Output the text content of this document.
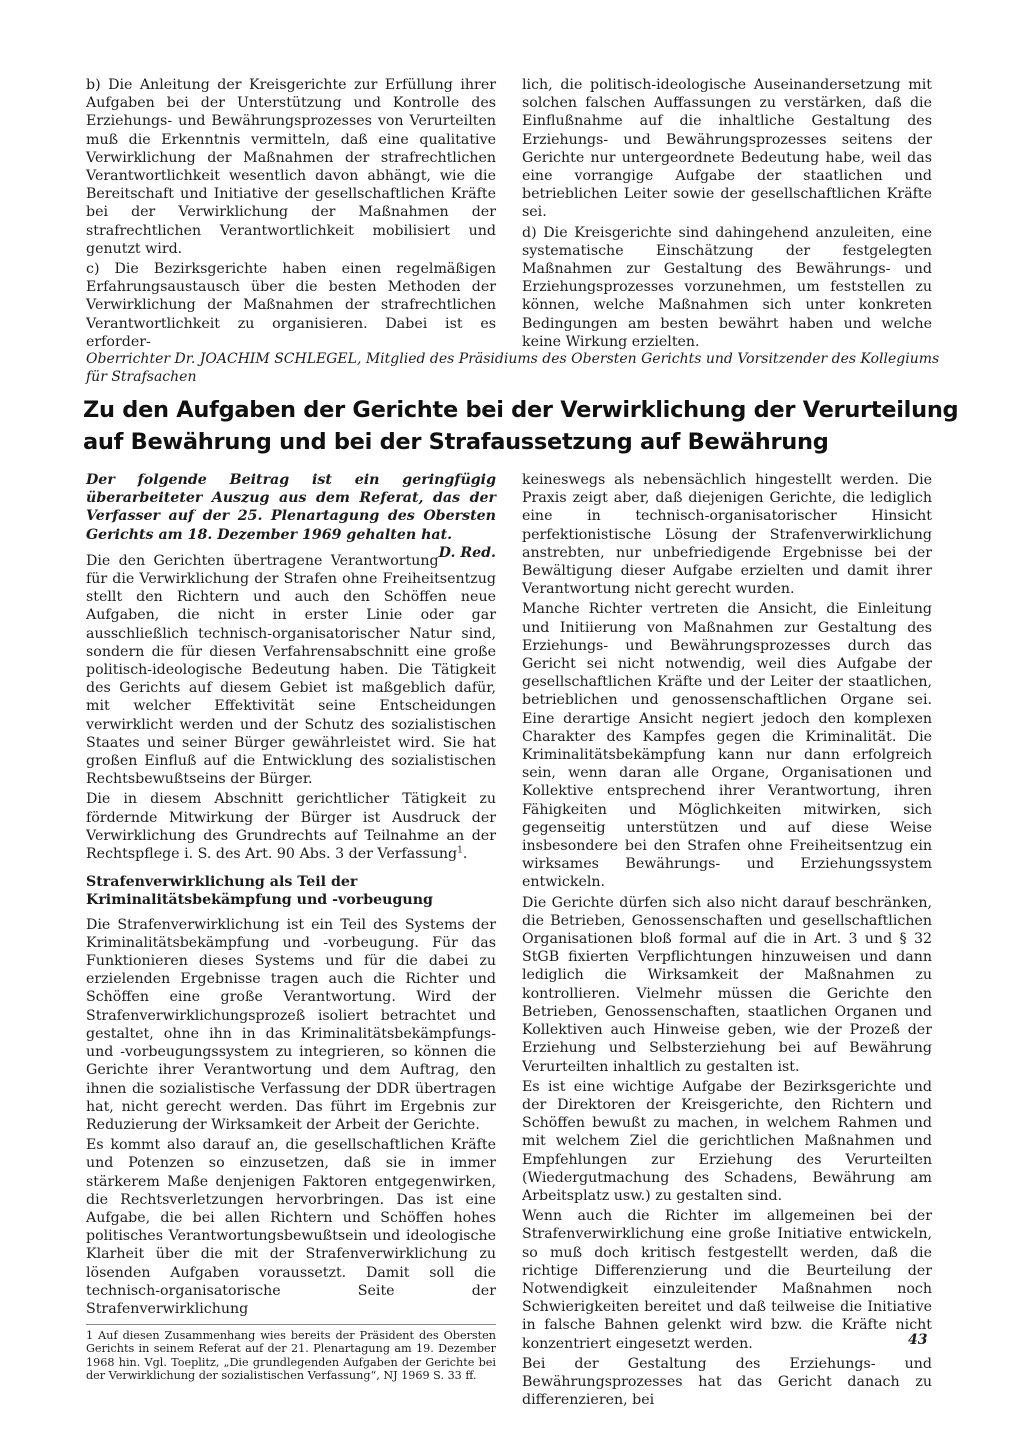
b) Die Anleitung der Kreisgerichte zur Erfüllung ihrer Aufgaben bei der Unterstützung und Kontrolle des Erziehungs- und Bewährungsprozesses von Verurteilten muß die Erkenntnis vermitteln, daß eine qualitative Verwirklichung der Maßnahmen der strafrechtlichen Verantwortlichkeit wesentlich davon abhängt, wie die Bereitschaft und Initiative der gesellschaftlichen Kräfte bei der Verwirklichung der Maßnahmen der strafrechtlichen Verantwortlichkeit mobilisiert und genutzt wird.

c) Die Bezirksgerichte haben einen regelmäßigen Erfahrungsaustausch über die besten Methoden der Verwirklichung der Maßnahmen der strafrechtlichen Verantwortlichkeit zu organisieren. Dabei ist es erforder-

lich, die politisch-ideologische Auseinandersetzung mit solchen falschen Auffassungen zu verstärken, daß die Einflußnahme auf die inhaltliche Gestaltung des Erziehungs- und Bewährungsprozesses seitens der Gerichte nur untergeordnete Bedeutung habe, weil das eine vorrangige Aufgabe der staatlichen und betrieblichen Leiter sowie der gesellschaftlichen Kräfte sei.

d) Die Kreisgerichte sind dahingehend anzuleiten, eine systematische Einschätzung der festgelegten Maßnahmen zur Gestaltung des Bewährungs- und Erziehungsprozesses vorzunehmen, um feststellen zu können, welche Maßnahmen sich unter konkreten Bedingungen am besten bewährt haben und welche keine Wirkung erzielten.

Oberrichter Dr. JOACHIM SCHLEGEL, Mitglied des Präsidiums des Obersten Gerichts und Vorsitzender des Kollegiums für Strafsachen
Zu den Aufgaben der Gerichte bei der Verwirklichung der Verurteilung auf Bewährung und bei der Strafaussetzung auf Bewährung

Der folgende Beitrag ist ein geringfügig überarbeiteter Auszug aus dem Referat, das der Verfasser auf der 25. Plenartagung des Obersten Gerichts am 18. Dezember 1969 gehalten hat.
D. Red.

Die den Gerichten übertragene Verantwortung für die Verwirklichung der Strafen ohne Freiheitsentzug stellt den Richtern und auch den Schöffen neue Aufgaben, die nicht in erster Linie oder gar ausschließlich technisch-organisatorischer Natur sind, sondern die für diesen Verfahrensabschnitt eine große politisch-ideologische Bedeutung haben. Die Tätigkeit des Gerichts auf diesem Gebiet ist maßgeblich dafür, mit welcher Effektivität seine Entscheidungen verwirklicht werden und der Schutz des sozialistischen Staates und seiner Bürger gewährleistet wird. Sie hat großen Einfluß auf die Entwicklung des sozialistischen Rechtsbewußtseins der Bürger.

Die in diesem Abschnitt gerichtlicher Tätigkeit zu fördernde Mitwirkung der Bürger ist Ausdruck der Verwirklichung des Grundrechts auf Teilnahme an der Rechtspflege i. S. des Art. 90 Abs. 3 der Verfassung$^1$.

Strafenverwirklichung als Teil der Kriminalitätsbekämpfung und -vorbeugung

Die Strafenverwirklichung ist ein Teil des Systems der Kriminalitätsbekämpfung und -vorbeugung. Für das Funktionieren dieses Systems und für die dabei zu erzielenden Ergebnisse tragen auch die Richter und Schöffen eine große Verantwortung. Wird der Strafenverwirklichungsprozeß isoliert betrachtet und gestaltet, ohne ihn in das Kriminalitätsbekämpfungs- und -vorbeugungssystem zu integrieren, so können die Gerichte ihrer Verantwortung und dem Auftrag, den ihnen die sozialistische Verfassung der DDR übertragen hat, nicht gerecht werden. Das führt im Ergebnis zur Reduzierung der Wirksamkeit der Arbeit der Gerichte.

Es kommt also darauf an, die gesellschaftlichen Kräfte und Potenzen so einzusetzen, daß sie in immer stärkerem Maße denjenigen Faktoren entgegenwirken, die Rechtsverletzungen hervorbringen. Das ist eine Aufgabe, die bei allen Richtern und Schöffen hohes politisches Verantwortungsbewußtsein und ideologische Klarheit über die mit der Strafenverwirklichung zu lösenden Aufgaben voraussetzt. Damit soll die technisch-organisatorische Seite der Strafenverwirklichung

1 Auf diesen Zusammenhang wies bereits der Präsident des Obersten Gerichts in seinem Referat auf der 21. Plenartagung am 19. Dezember 1968 hin. Vgl. Toeplitz, „Die grundlegenden Aufgaben der Gerichte bei der Verwirklichung der sozialistischen Verfassung“, NJ 1969 S. 33 ff.

keineswegs als nebensächlich hingestellt werden. Die Praxis zeigt aber, daß diejenigen Gerichte, die lediglich eine in technisch-organisatorischer Hinsicht perfektionistische Lösung der Strafenverwirklichung anstrebten, nur unbefriedigende Ergebnisse bei der Bewältigung dieser Aufgabe erzielten und damit ihrer Verantwortung nicht gerecht wurden.

Manche Richter vertreten die Ansicht, die Einleitung und Initiierung von Maßnahmen zur Gestaltung des Erziehungs- und Bewährungsprozesses durch das Gericht sei nicht notwendig, weil dies Aufgabe der gesellschaftlichen Kräfte und der Leiter der staatlichen, betrieblichen und genossenschaftlichen Organe sei. Eine derartige Ansicht negiert jedoch den komplexen Charakter des Kampfes gegen die Kriminalität. Die Kriminalitätsbekämpfung kann nur dann erfolgreich sein, wenn daran alle Organe, Organisationen und Kollektive entsprechend ihrer Verantwortung, ihren Fähigkeiten und Möglichkeiten mitwirken, sich gegenseitig unterstützen und auf diese Weise insbesondere bei den Strafen ohne Freiheitsentzug ein wirksames Bewährungs- und Erziehungssystem entwickeln.

Die Gerichte dürfen sich also nicht darauf beschränken, die Betrieben, Genossenschaften und gesellschaftlichen Organisationen bloß formal auf die in Art. 3 und § 32 StGB fixierten Verpflichtungen hinzuweisen und dann lediglich die Wirksamkeit der Maßnahmen zu kontrollieren. Vielmehr müssen die Gerichte den Betrieben, Genossenschaften, staatlichen Organen und Kollektiven auch Hinweise geben, wie der Prozeß der Erziehung und Selbsterziehung bei auf Bewährung Verurteilten inhaltlich zu gestalten ist.

Es ist eine wichtige Aufgabe der Bezirksgerichte und der Direktoren der Kreisgerichte, den Richtern und Schöffen bewußt zu machen, in welchem Rahmen und mit welchem Ziel die gerichtlichen Maßnahmen und Empfehlungen zur Erziehung des Verurteilten (Wiedergutmachung des Schadens, Bewährung am Arbeitsplatz usw.) zu gestalten sind.

Wenn auch die Richter im allgemeinen bei der Strafenverwirklichung eine große Initiative entwickeln, so muß doch kritisch festgestellt werden, daß die richtige Differenzierung und die Beurteilung der Notwendigkeit einzuleitender Maßnahmen noch Schwierigkeiten bereitet und daß teilweise die Initiative in falsche Bahnen gelenkt wird bzw. die Kräfte nicht konzentriert eingesetzt werden.

Bei der Gestaltung des Erziehungs- und Bewährungsprozesses hat das Gericht danach zu differenzieren, bei

43
